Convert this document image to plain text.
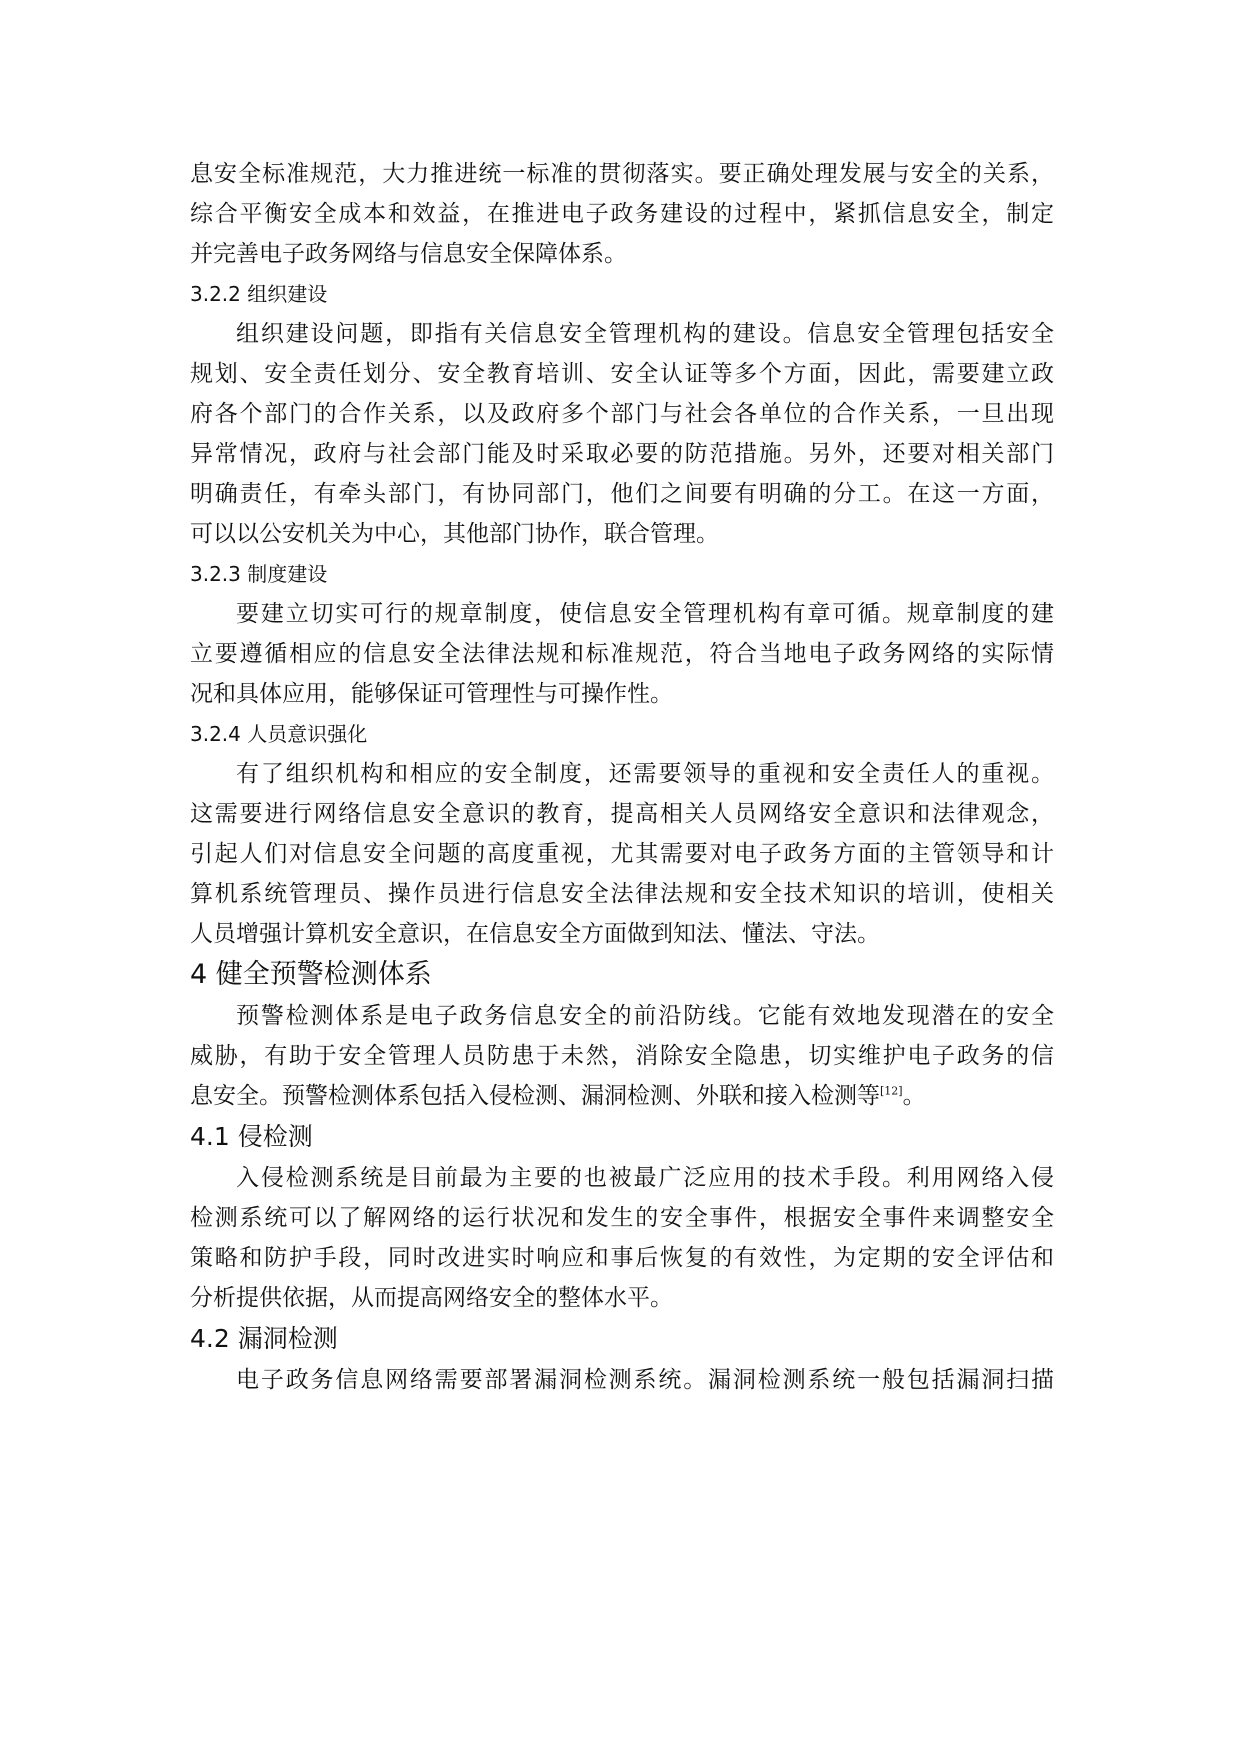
息安全标准规范，大力推进统一标准的贯彻落实。要正确处理发展与安全的关系，
综合平衡安全成本和效益，在推进电子政务建设的过程中，紧抓信息安全，制定
并完善电子政务网络与信息安全保障体系。
3.2.2 组织建设
组织建设问题，即指有关信息安全管理机构的建设。信息安全管理包括安全
规划、安全责任划分、安全教育培训、安全认证等多个方面，因此，需要建立政
府各个部门的合作关系，以及政府多个部门与社会各单位的合作关系，一旦出现
异常情况，政府与社会部门能及时采取必要的防范措施。另外，还要对相关部门
明确责任，有牵头部门，有协同部门，他们之间要有明确的分工。在这一方面，
可以以公安机关为中心，其他部门协作，联合管理。
3.2.3 制度建设
要建立切实可行的规章制度，使信息安全管理机构有章可循。规章制度的建
立要遵循相应的信息安全法律法规和标准规范，符合当地电子政务网络的实际情
况和具体应用，能够保证可管理性与可操作性。
3.2.4 人员意识强化
有了组织机构和相应的安全制度，还需要领导的重视和安全责任人的重视。
这需要进行网络信息安全意识的教育，提高相关人员网络安全意识和法律观念，
引起人们对信息安全问题的高度重视，尤其需要对电子政务方面的主管领导和计
算机系统管理员、操作员进行信息安全法律法规和安全技术知识的培训，使相关
人员增强计算机安全意识，在信息安全方面做到知法、懂法、守法。
4 健全预警检测体系
预警检测体系是电子政务信息安全的前沿防线。它能有效地发现潜在的安全
威胁，有助于安全管理人员防患于未然，消除安全隐患，切实维护电子政务的信
息安全。预警检测体系包括入侵检测、漏洞检测、外联和接入检测等[12]。
4.1 侵检测
入侵检测系统是目前最为主要的也被最广泛应用的技术手段。利用网络入侵
检测系统可以了解网络的运行状况和发生的安全事件，根据安全事件来调整安全
策略和防护手段，同时改进实时响应和事后恢复的有效性，为定期的安全评估和
分析提供依据，从而提高网络安全的整体水平。
4.2 漏洞检测
电子政务信息网络需要部署漏洞检测系统。漏洞检测系统一般包括漏洞扫描
